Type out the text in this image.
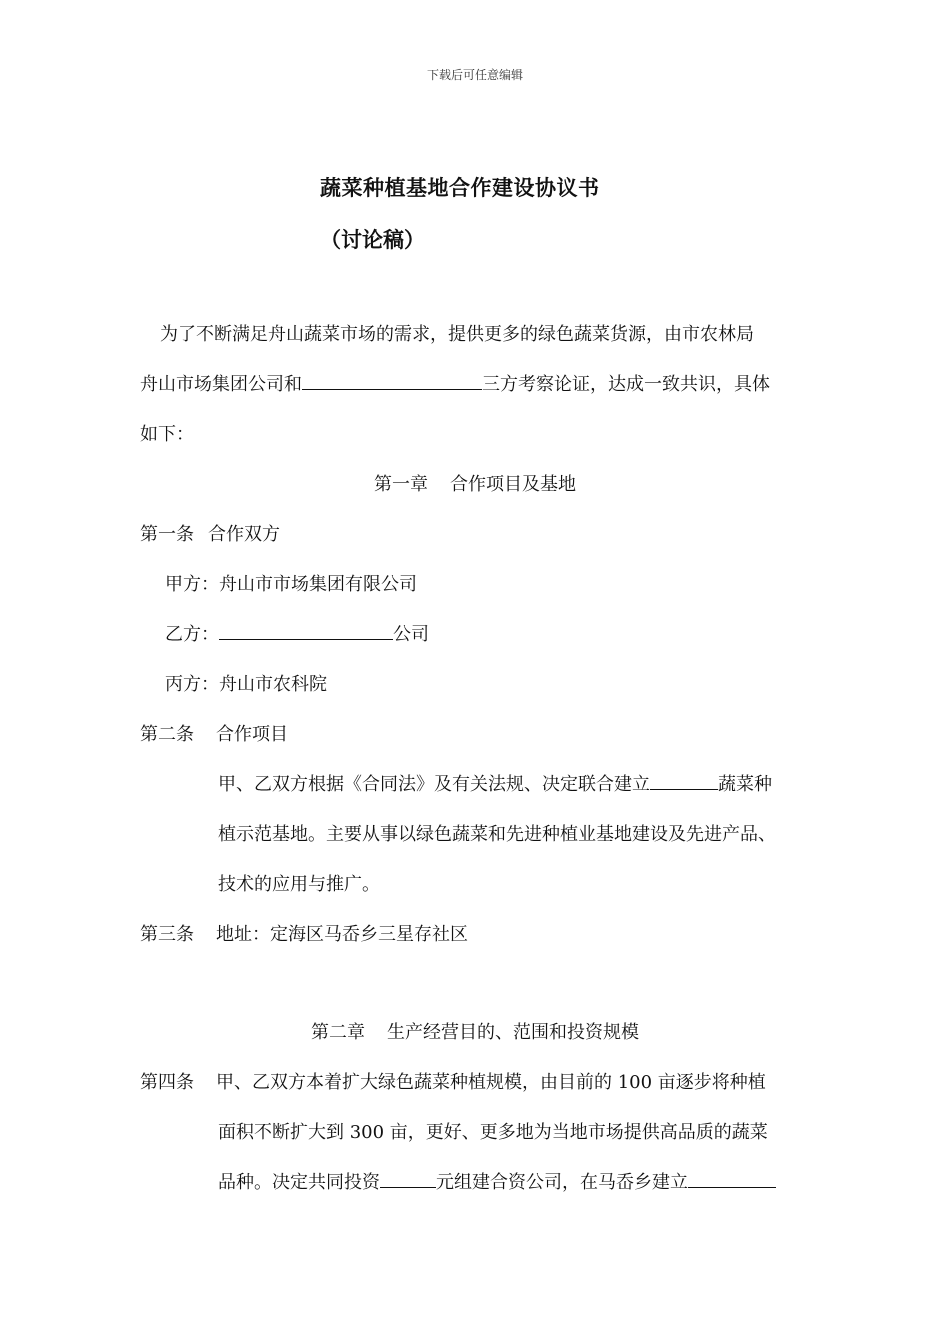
下载后可任意编辑
蔬菜种植基地合作建设协议书
（讨论稿）
为了不断满足舟山蔬菜市场的需求，提供更多的绿色蔬菜货源，由市农林局
舟山市场集团公司和	三方考察论证，达成一致共识，具体
如下：
第一章 合作项目及基地
第一条 合作双方
甲方：舟山市市场集团有限公司
乙方：	公司
丙方：舟山市农科院
第二条 合作项目
甲、乙双方根据《合同法》及有关法规、决定联合建立	蔬菜种
植示范基地。主要从事以绿色蔬菜和先进种植业基地建设及先进产品、
技术的应用与推广。
第三条 地址：定海区马岙乡三星存社区
第二章 生产经营目的、范围和投资规模
第四条 甲、乙双方本着扩大绿色蔬菜种植规模，由目前的 100 亩逐步将种植
面积不断扩大到 300 亩，更好、更多地为当地市场提供高品质的蔬菜
品种。决定共同投资	元组建合资公司，在马岙乡建立
